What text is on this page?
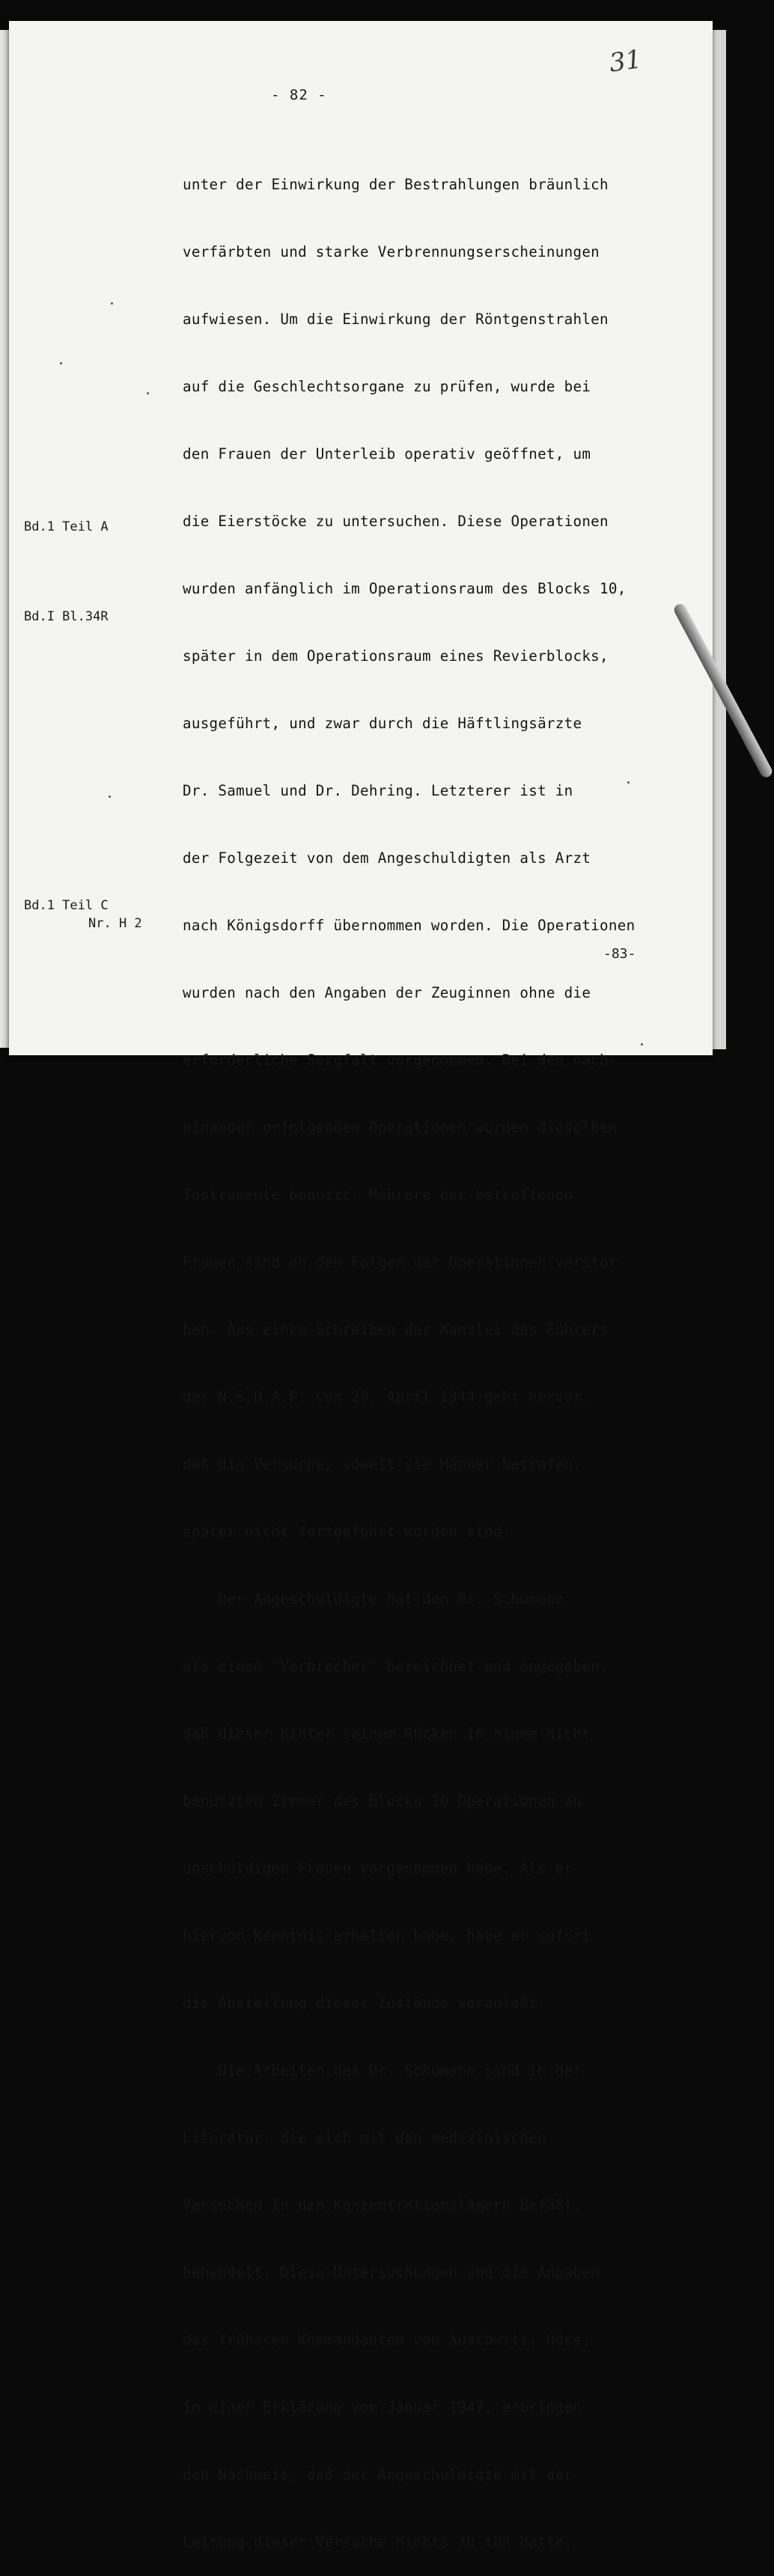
31
- 82 -

unter der Einwirkung der Bestrahlungen bräunlich

verfärbten und starke Verbrennungserscheinungen

aufwiesen. Um die Einwirkung der Röntgenstrahlen

auf die Geschlechtsorgane zu prüfen, wurde bei

den Frauen der Unterleib operativ geöffnet, um

die Eierstöcke zu untersuchen. Diese Operationen

wurden anfänglich im Operationsraum des Blocks 10,

später in dem Operationsraum eines Revierblocks,

ausgeführt, und zwar durch die Häftlingsärzte

Dr. Samuel und Dr. Dehring. Letzterer ist in

der Folgezeit von dem Angeschuldigten als Arzt

nach Königsdorff übernommen worden. Die Operationen

wurden nach den Angaben der Zeuginnen ohne die

erforderliche Sorgfalt vorgenommen. Bei den nach-

einander erfolgenden Operationen wurden dieselben

Instrumente benutzt. Mehrere der betroffenen

Frauen sind an den Folgen der Operationen verstor-

ben. Aus einem Schreiben der Kanzlei des Führers

der N.S.D.A.P. vom 29. April 1944 geht hervor,

daß die Versuche, soweit sie Männer betrafen,

später nicht fortgeführt worden sind.

Der Angeschuldigte hat den Dr. Schumann

als einen "Verbrecher" bezeichnet und angegeben,

daß dieser hinter seinem Rücken in einem nicht

benutzten Zimmer des Blocks 10 Operationen an

unschuldigen Frauen vorgenommen habe. Als er

hiervon Kenntnis erhalten habe, habe er sofort

die Abstellung dieser Zustände veranlaßt.

Die Arbeiten des Dr. Schumann sind in der

Literatur, die sich mit den medizinischen

Versuchen in den Konzentrationslägern befaßt,

behandelt. Diese Untersuchungen und die Angaben

des früheren Kommandanten von Auschwitz, Höss,

in einer Erklärung vom Januar 1947, erbringen

den Nachweis, daß der Angeschuldigte mit der

Leitung dieser Versuche nichts zu tun hatte.

Bd.1 Teil A
Bd.I Bl.34R
Bd.1 Teil C
Nr. H 2
-83-
